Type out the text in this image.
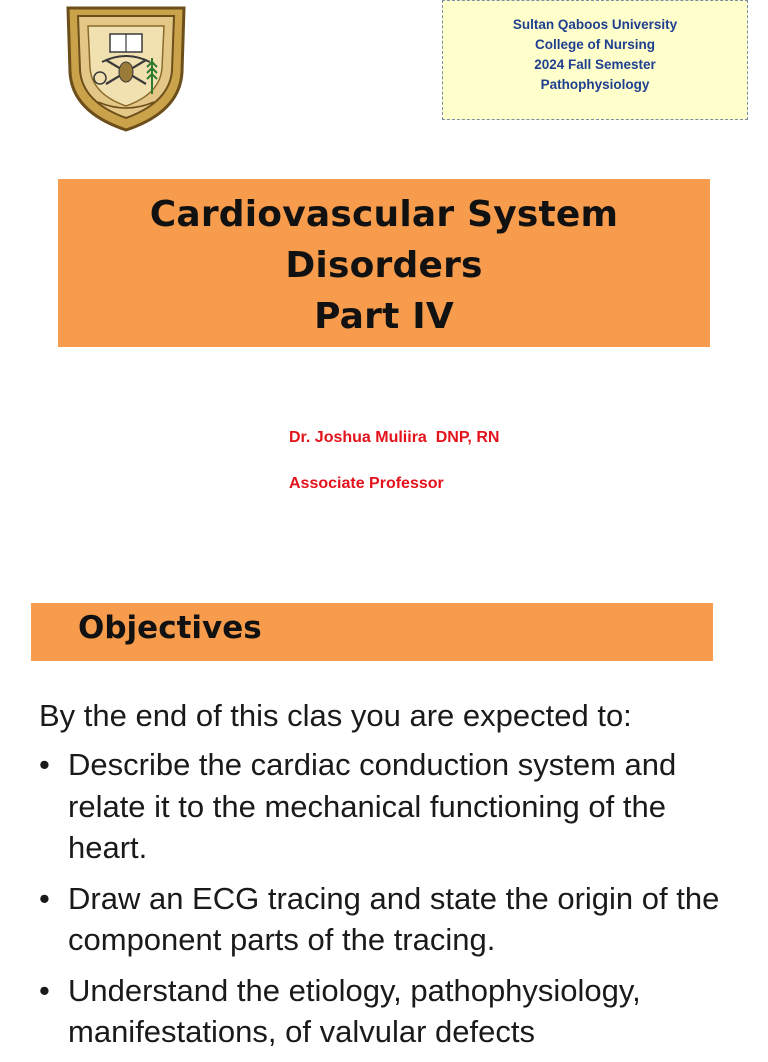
Sultan Qaboos University
College of Nursing
2024 Fall Semester
Pathophysiology
Cardiovascular System
Disorders
Part IV
Dr. Joshua Muliira  DNP, RN
Associate Professor
Objectives
By the end of this clas you are expected to:
• Describe the cardiac conduction system and relate it to the mechanical functioning of the heart.
• Draw an ECG tracing and state the origin of the component parts of the tracing.
• Understand the etiology, pathophysiology, manifestations, of valvular defects
